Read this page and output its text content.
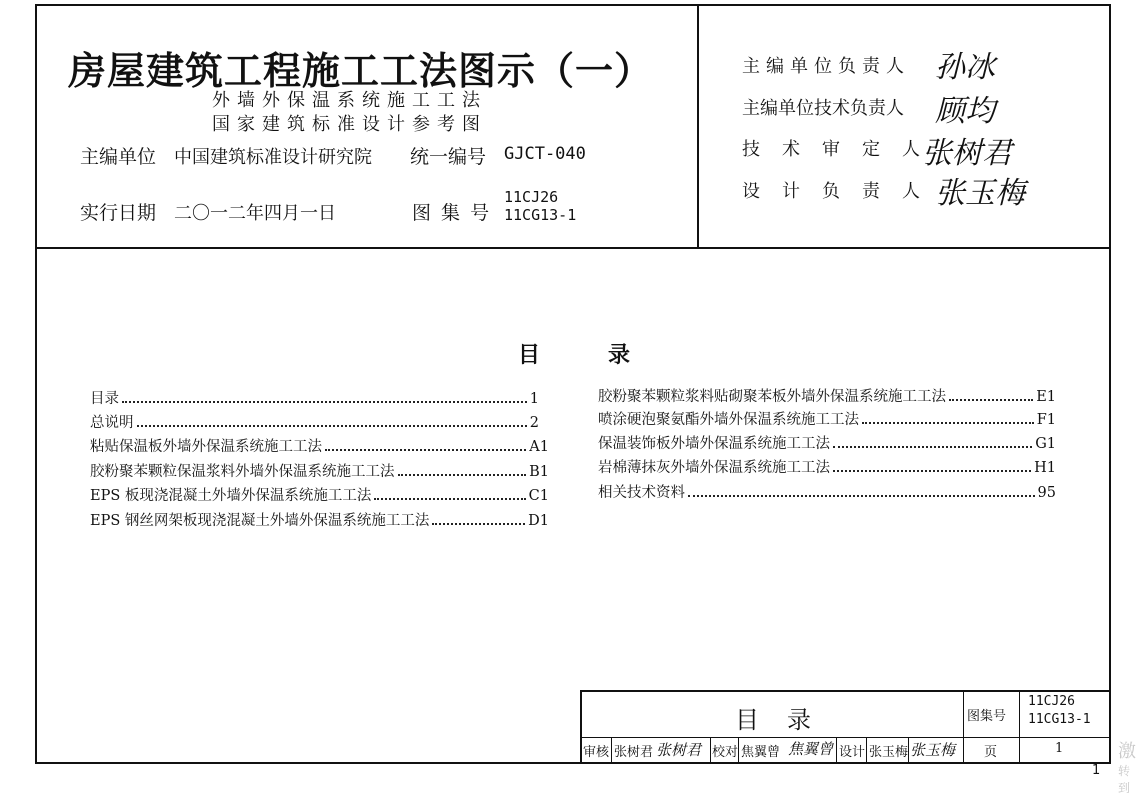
房屋建筑工程施工工法图示（一）
外墙外保温系统施工工法
国家建筑标准设计参考图
主编单位 中国建筑标准设计研究院 统一编号 GJCT-040
实行日期 二〇一二年四月一日	图 集 号
11CJ26
11CG13-1
主编单位负责人 孙冰
主编单位技术负责人 顾均
技术审定人
张树君
设计负责人
张玉梅
目	录
目录	1
总说明	2
粘贴保温板外墙外保温系统施工工法	A1
胶粉聚苯颗粒保温浆料外墙外保温系统施工工法	B1
EPS 板现浇混凝土外墙外保温系统施工工法	C1
EPS 钢丝网架板现浇混凝土外墙外保温系统施工工法	D1
胶粉聚苯颗粒浆料贴砌聚苯板外墙外保温系统施工工法	E1
喷涂硬泡聚氨酯外墙外保温系统施工工法	F1
保温装饰板外墙外保温系统施工工法	G1
岩棉薄抹灰外墙外保温系统施工工法	H1
相关技术资料	95
目录	图集号
11CJ26
11CG13-1
审核 张树君 张树君 校对 焦翼曾 焦翼曾 设计 张玉梅 张玉梅 页	1
1
激
转到
